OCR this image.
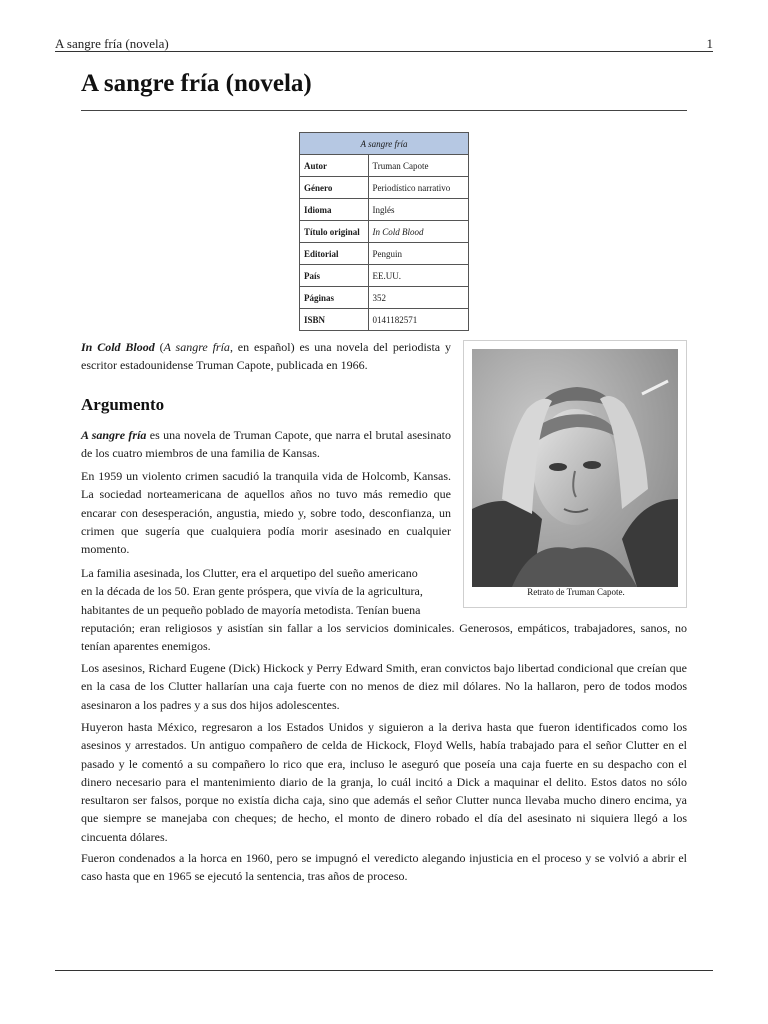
A sangre fría (novela)	1
A sangre fría (novela)
A sangre fría	
Autor	Truman Capote
Género	Periodístico narrativo
Idioma	Inglés
Título original	In Cold Blood
Editorial	Penguin
País	EE.UU.
Páginas	352
ISBN	0141182571
Retrato de Truman Capote.

In Cold Blood (A sangre fría, en español) es una novela del periodista y escritor estadounidense Truman Capote, publicada en 1966.

Argumento

A sangre fría es una novela de Truman Capote, que narra el brutal asesinato de los cuatro miembros de una familia de Kansas.

En 1959 un violento crimen sacudió la tranquila vida de Holcomb, Kansas. La sociedad norteamericana de aquellos años no tuvo más remedio que encarar con desesperación, angustia, miedo y, sobre todo, desconfianza, un crimen que sugería que cualquiera podía morir asesinado en cualquier momento.

La familia asesinada, los Clutter, era el arquetipo del sueño americano
en la década de los 50. Eran gente próspera, que vivía de la agricultura,
habitantes de un pequeño poblado de mayoría metodista. Tenían buena

reputación; eran religiosos y asistían sin fallar a los servicios dominicales. Generosos, empáticos, trabajadores, sanos, no tenían aparentes enemigos.

Los asesinos, Richard Eugene (Dick) Hickock y Perry Edward Smith, eran convictos bajo libertad condicional que creían que en la casa de los Clutter hallarían una caja fuerte con no menos de diez mil dólares. No la hallaron, pero de todos modos asesinaron a los padres y a sus dos hijos adolescentes.

Huyeron hasta México, regresaron a los Estados Unidos y siguieron a la deriva hasta que fueron identificados como los asesinos y arrestados. Un antiguo compañero de celda de Hickock, Floyd Wells, había trabajado para el señor Clutter en el pasado y le comentó a su compañero lo rico que era, incluso le aseguró que poseía una caja fuerte en su despacho con el dinero necesario para el mantenimiento diario de la granja, lo cuál incitó a Dick a maquinar el delito. Estos datos no sólo resultaron ser falsos, porque no existía dicha caja, sino que además el señor Clutter nunca llevaba mucho dinero encima, ya que siempre se manejaba con cheques; de hecho, el monto de dinero robado el día del asesinato ni siquiera llegó a los cincuenta dólares.

Fueron condenados a la horca en 1960, pero se impugnó el veredicto alegando injusticia en el proceso y se volvió a abrir el caso hasta que en 1965 se ejecutó la sentencia, tras años de proceso.
